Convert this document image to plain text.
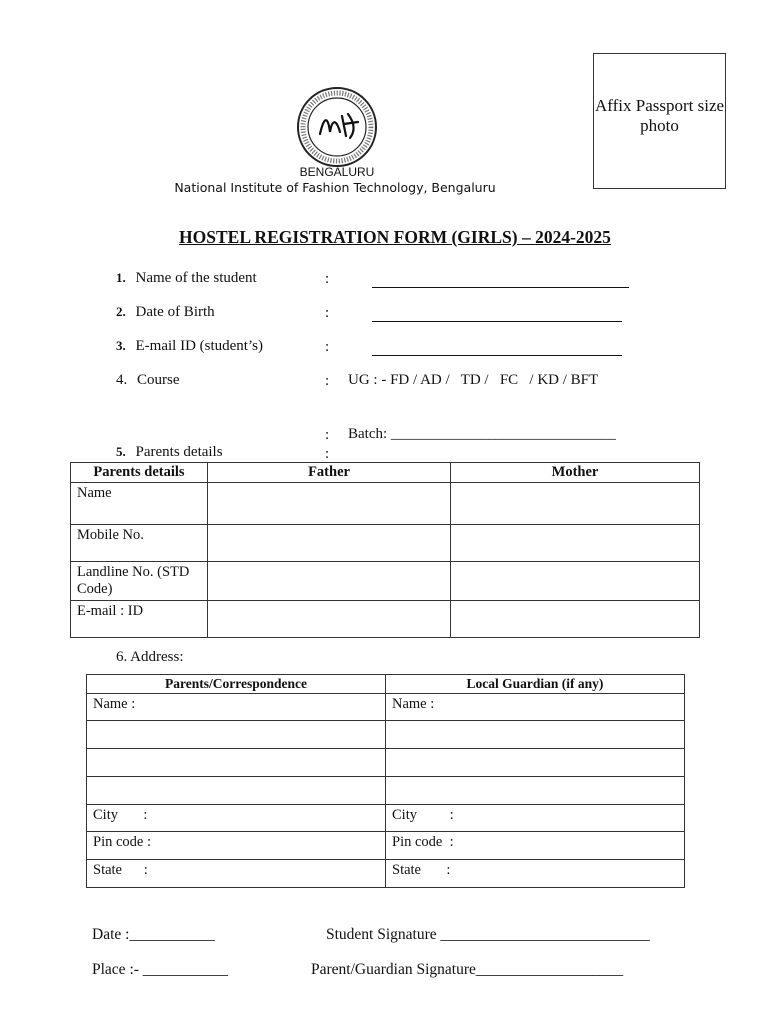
Affix Passport size photo
BENGALURU
National Institute of Fashion Technology, Bengaluru
HOSTEL REGISTRATION FORM (GIRLS) – 2024-2025
1. Name of the student	:
2. Date of Birth	:
3. E-mail ID (student’s)	:
4. Course	: UG : - FD / AD /   TD /   FC   / KD / BFT
: Batch: ______________________________
5. Parents details	:
Parents details	Father	Mother
Name		
Mobile No.		
Landline No. (STD Code)		
E-mail : ID		
6. Address:
Parents/Correspondence	Local Guardian (if any)
Name :	Name :

City       :	City         :
Pin code :	Pin code  :
State      :	State       :
Date :___________	Student Signature ___________________________
Place :- ___________	Parent/Guardian Signature___________________
